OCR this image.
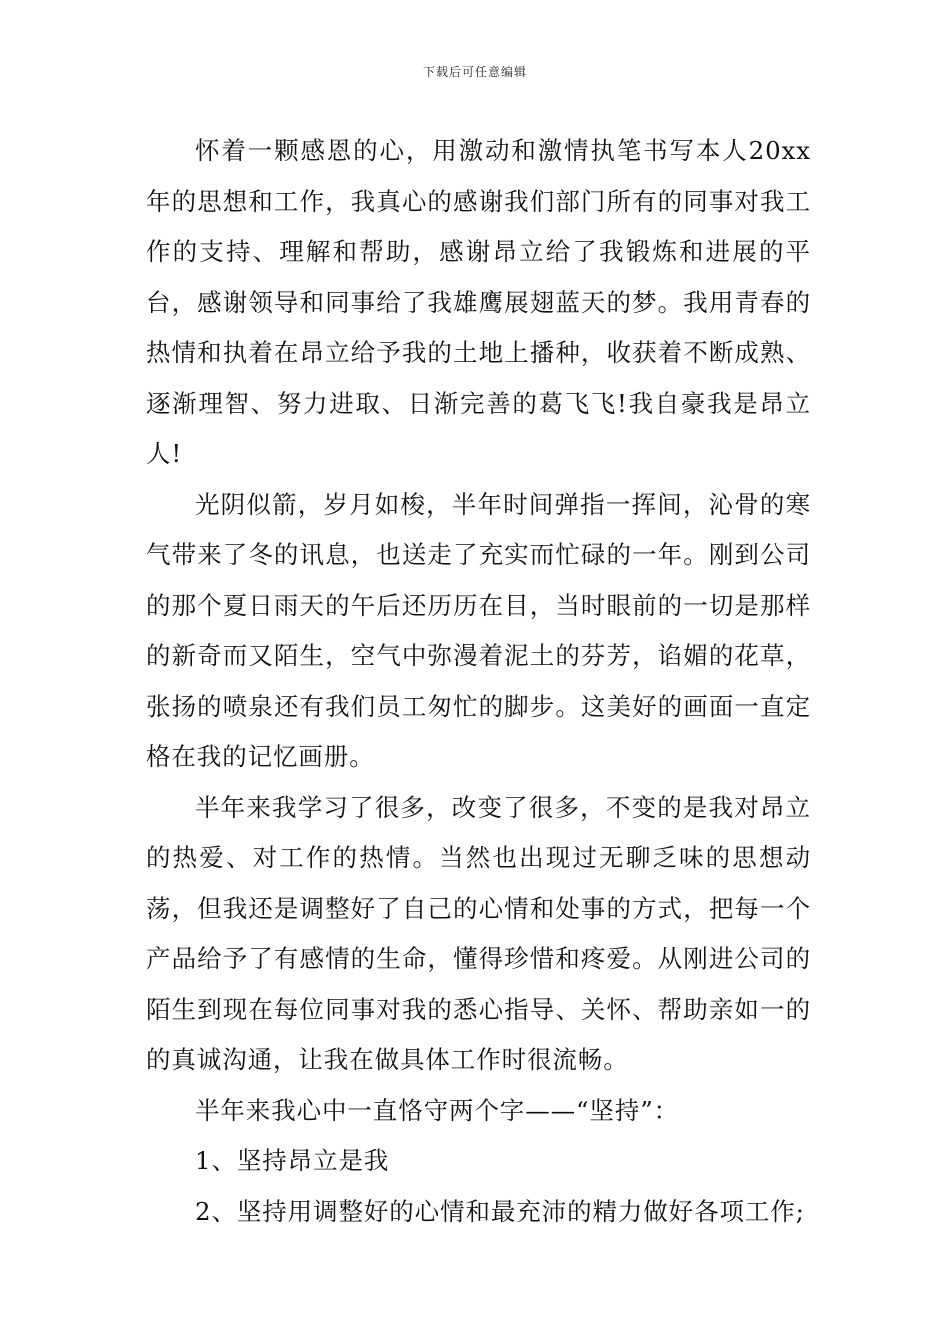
下载后可任意编辑

怀着一颗感恩的心，用激动和激情执笔书写本人20xx年的思想和工作，我真心的感谢我们部门所有的同事对我工作的支持、理解和帮助，感谢昂立给了我锻炼和进展的平台，感谢领导和同事给了我雄鹰展翅蓝天的梦。我用青春的热情和执着在昂立给予我的土地上播种，收获着不断成熟、逐渐理智、努力进取、日渐完善的葛飞飞!我自豪我是昂立人!

光阴似箭，岁月如梭，半年时间弹指一挥间，沁骨的寒气带来了冬的讯息，也送走了充实而忙碌的一年。刚到公司的那个夏日雨天的午后还历历在目，当时眼前的一切是那样的新奇而又陌生，空气中弥漫着泥土的芬芳，谄媚的花草，张扬的喷泉还有我们员工匆忙的脚步。这美好的画面一直定格在我的记忆画册。

半年来我学习了很多，改变了很多，不变的是我对昂立的热爱、对工作的热情。当然也出现过无聊乏味的思想动荡，但我还是调整好了自己的心情和处事的方式，把每一个产品给予了有感情的生命，懂得珍惜和疼爱。从刚进公司的陌生到现在每位同事对我的悉心指导、关怀、帮助亲如一的的真诚沟通，让我在做具体工作时很流畅。

半年来我心中一直恪守两个字——“坚持”：

1、坚持昂立是我

2、坚持用调整好的心情和最充沛的精力做好各项工作;
